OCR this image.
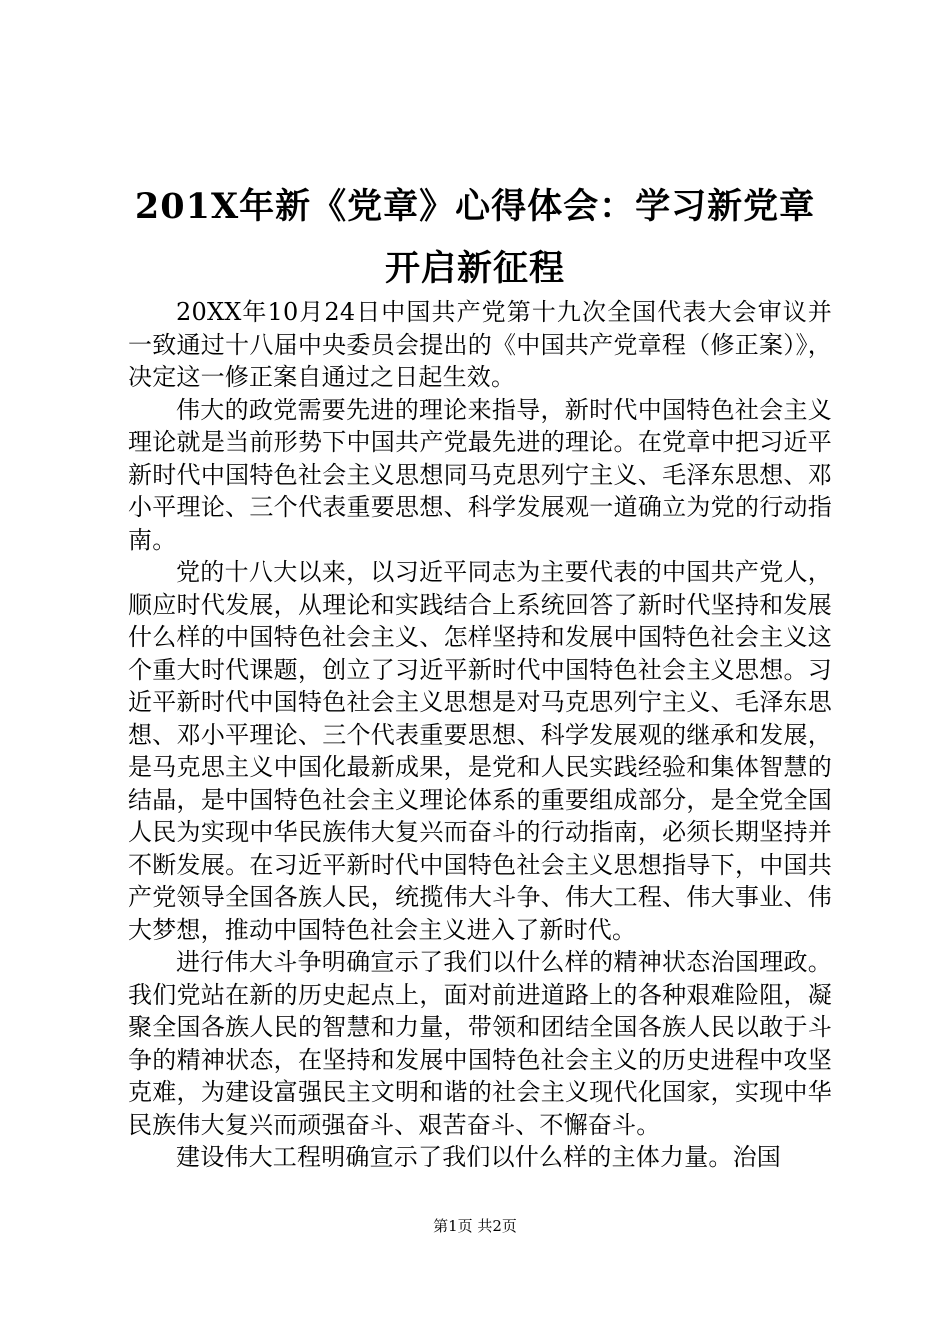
201X年新《党章》心得体会：学习新党章开启新征程

20XX年10月24日中国共产党第十九次全国代表大会审议并一致通过十八届中央委员会提出的《中国共产党章程（修正案）》，决定这一修正案自通过之日起生效。

伟大的政党需要先进的理论来指导，新时代中国特色社会主义理论就是当前形势下中国共产党最先进的理论。在党章中把习近平新时代中国特色社会主义思想同马克思列宁主义、毛泽东思想、邓小平理论、三个代表重要思想、科学发展观一道确立为党的行动指南。

党的十八大以来，以习近平同志为主要代表的中国共产党人，顺应时代发展，从理论和实践结合上系统回答了新时代坚持和发展什么样的中国特色社会主义、怎样坚持和发展中国特色社会主义这个重大时代课题，创立了习近平新时代中国特色社会主义思想。习近平新时代中国特色社会主义思想是对马克思列宁主义、毛泽东思想、邓小平理论、三个代表重要思想、科学发展观的继承和发展，是马克思主义中国化最新成果，是党和人民实践经验和集体智慧的结晶，是中国特色社会主义理论体系的重要组成部分，是全党全国人民为实现中华民族伟大复兴而奋斗的行动指南，必须长期坚持并不断发展。在习近平新时代中国特色社会主义思想指导下，中国共产党领导全国各族人民，统揽伟大斗争、伟大工程、伟大事业、伟大梦想，推动中国特色社会主义进入了新时代。

进行伟大斗争明确宣示了我们以什么样的精神状态治国理政。我们党站在新的历史起点上，面对前进道路上的各种艰难险阻，凝聚全国各族人民的智慧和力量，带领和团结全国各族人民以敢于斗争的精神状态，在坚持和发展中国特色社会主义的历史进程中攻坚克难，为建设富强民主文明和谐的社会主义现代化国家，实现中华民族伟大复兴而顽强奋斗、艰苦奋斗、不懈奋斗。

建设伟大工程明确宣示了我们以什么样的主体力量。治国

第1页 共2页
